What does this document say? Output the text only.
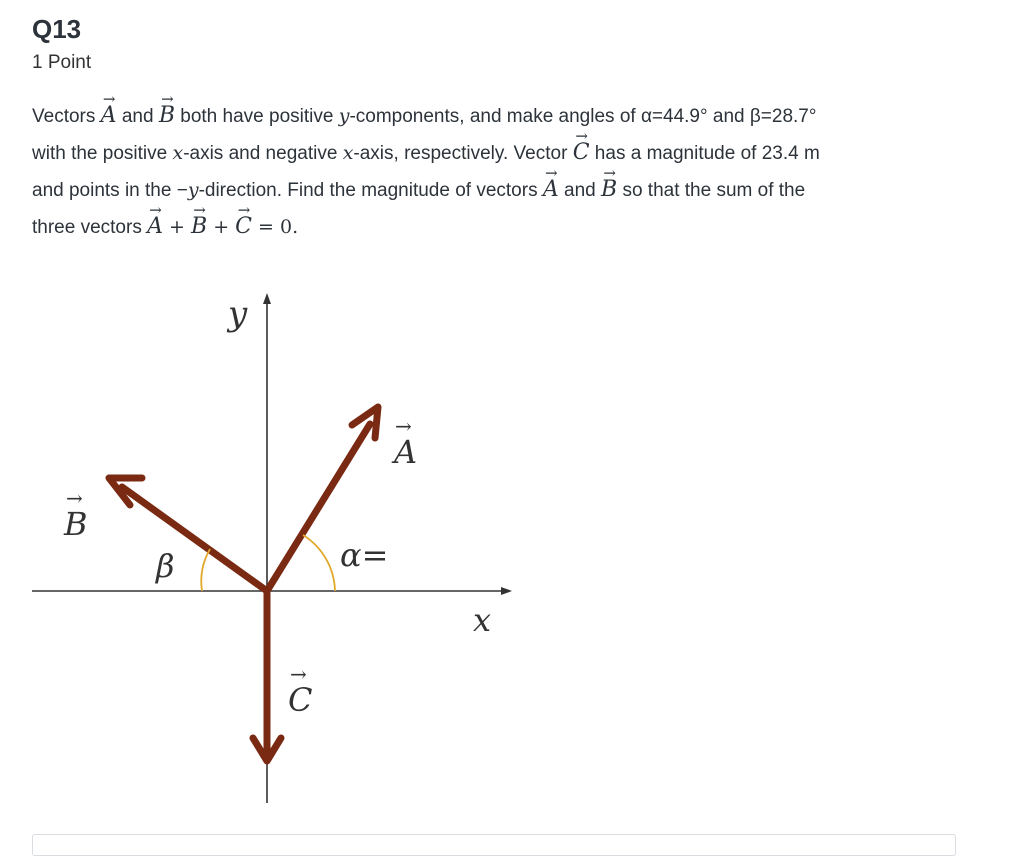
Q13
1 Point
Vectors → A and → B both have positive y-components, and make angles of α=44.9° and β=28.7°
with the positive x-axis and negative x-axis, respectively. Vector → C has a magnitude of 23.4 m
and points in the −y-direction. Find the magnitude of vectors → A and → B so that the sum of the
three vectors → A + → B + → C = 0.
y
x
A
→
B
→
C
→
α=
β
